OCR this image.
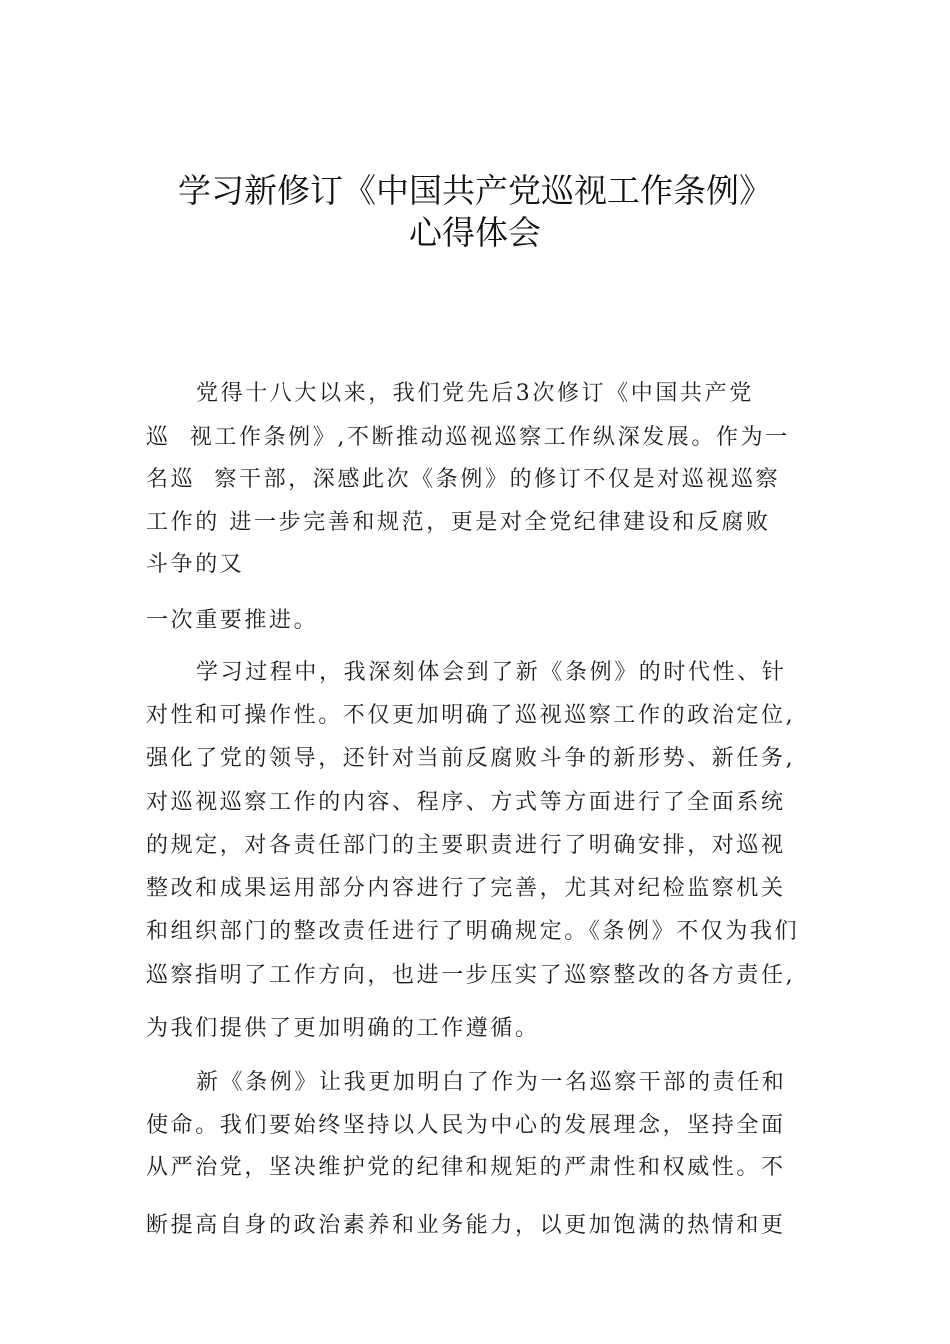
学习新修订《中国共产党巡视工作条例》
心得体会
党得十八大以来，我们党先后3次修订《中国共产党
巡  视工作条例》,不断推动巡视巡察工作纵深发展。作为一
名巡  察干部，深感此次《条例》的修订不仅是对巡视巡察
工作的 进一步完善和规范，更是对全党纪律建设和反腐败
斗争的又
一次重要推进。
学习过程中，我深刻体会到了新《条例》的时代性、针
对性和可操作性。不仅更加明确了巡视巡察工作的政治定位,
强化了党的领导，还针对当前反腐败斗争的新形势、新任务,
对巡视巡察工作的内容、程序、方式等方面进行了全面系统
的规定，对各责任部门的主要职责进行了明确安排，对巡视
整改和成果运用部分内容进行了完善，尤其对纪检监察机关
和组织部门的整改责任进行了明确规定。《条例》不仅为我们
巡察指明了工作方向，也进一步压实了巡察整改的各方责任,
为我们提供了更加明确的工作遵循。
新《条例》让我更加明白了作为一名巡察干部的责任和
使命。我们要始终坚持以人民为中心的发展理念，坚持全面
从严治党，坚决维护党的纪律和规矩的严肃性和权威性。不
断提高自身的政治素养和业务能力，以更加饱满的热情和更
